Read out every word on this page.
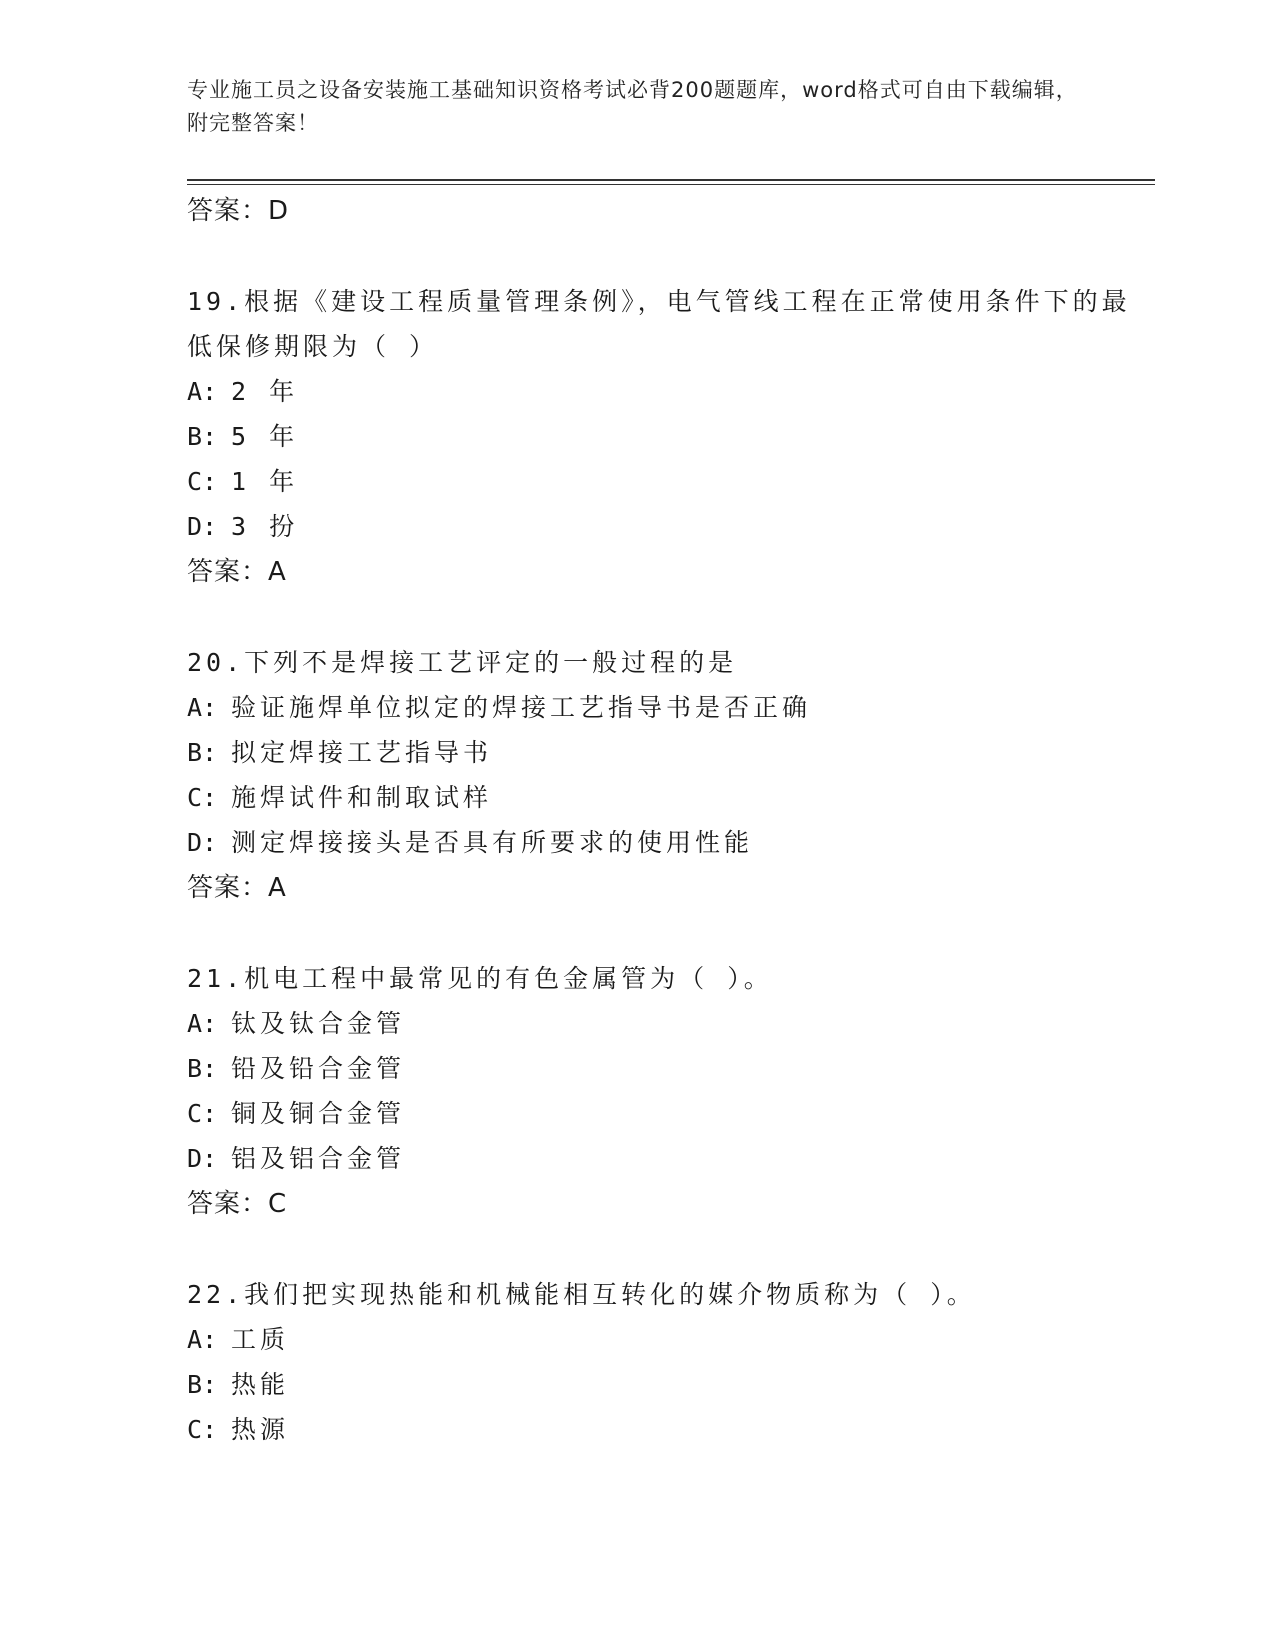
专业施工员之设备安装施工基础知识资格考试必背200题题库，word格式可自由下载编辑，附完整答案！
答案：D
19.根据《建设工程质量管理条例》，电气管线工程在正常使用条件下的最低保修期限为（ ）
A: 2 年
B: 5 年
C: 1 年
D: 3 扮
答案：A
20.下列不是焊接工艺评定的一般过程的是
A: 验证施焊单位拟定的焊接工艺指导书是否正确
B: 拟定焊接工艺指导书
C: 施焊试件和制取试样
D: 测定焊接接头是否具有所要求的使用性能
答案：A
21.机电工程中最常见的有色金属管为（ ）。
A: 钛及钛合金管
B: 铅及铅合金管
C: 铜及铜合金管
D: 铝及铝合金管
答案：C
22.我们把实现热能和机械能相互转化的媒介物质称为（ ）。
A: 工质
B: 热能
C: 热源
